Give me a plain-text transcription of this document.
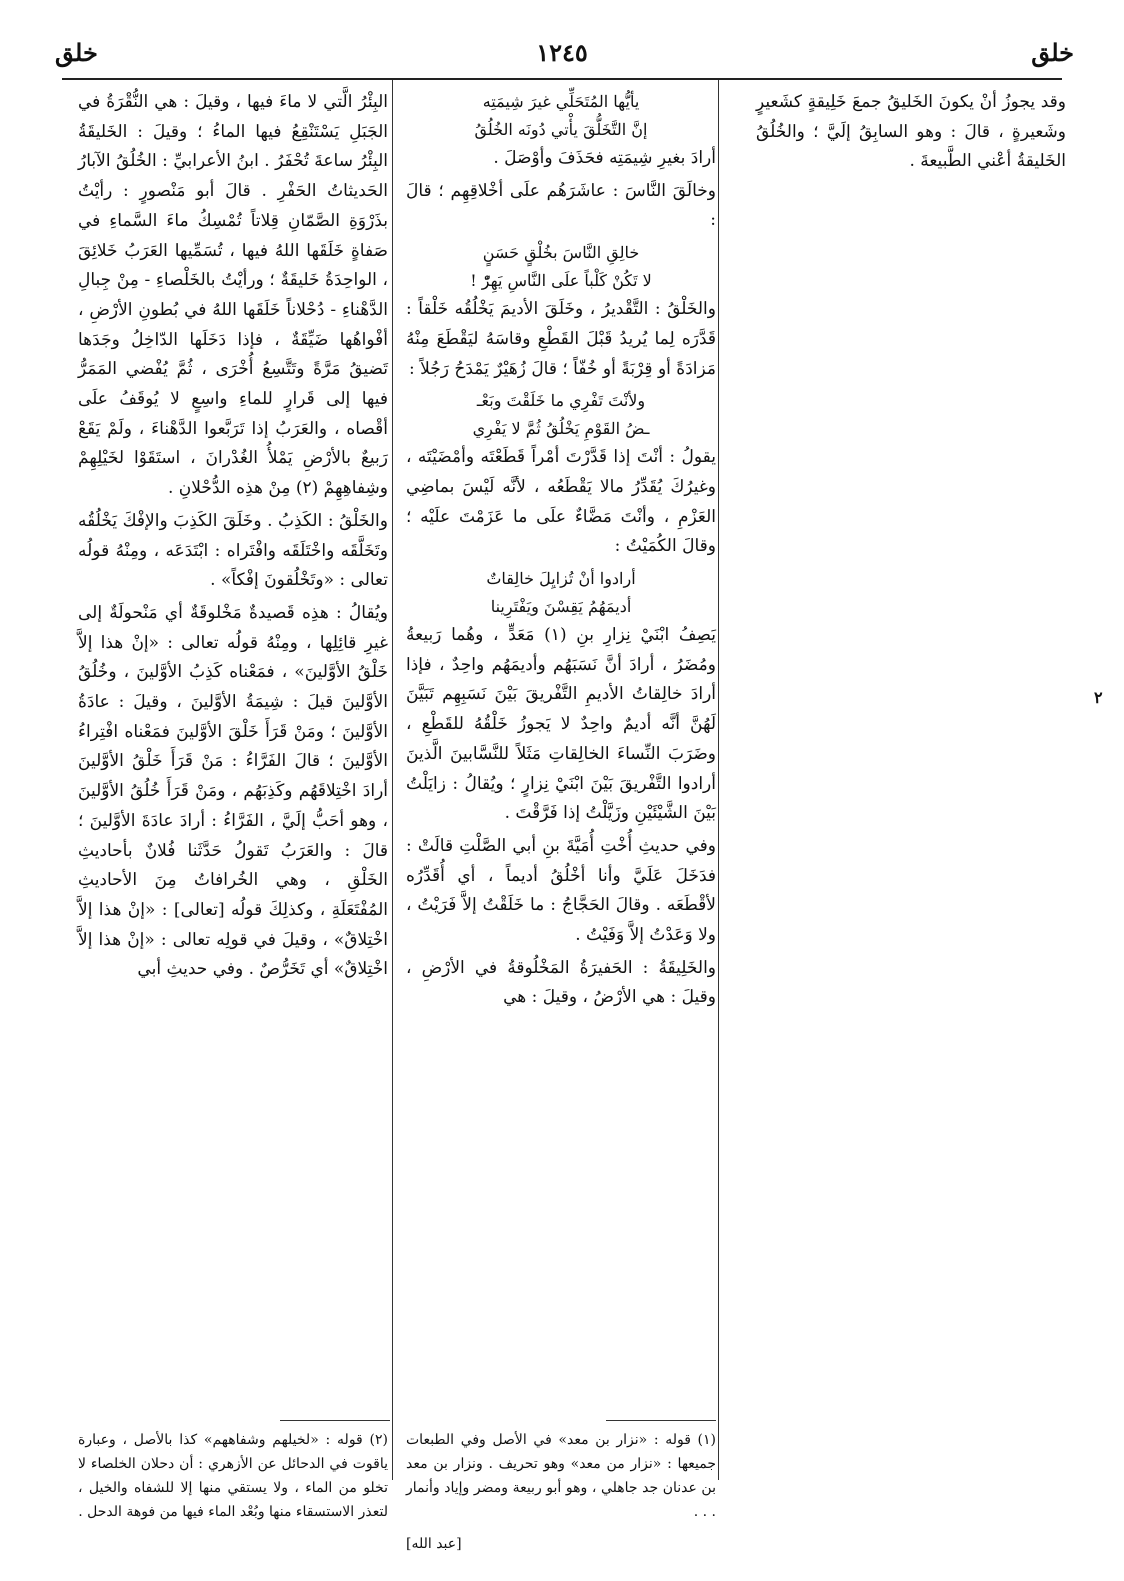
خلق
١٢٤٥
خلق

وقد يجوزُ أنْ يكونَ الخَليقُ جمعَ خَلِيقةٍ كشَعيرٍ وشَعيرةٍ ، قالَ : وهو السابِقُ إلَيَّ ؛ والخُلُقُ الخَليقةُ أعْني الطَّبيعةَ .

يأيُّها المُتَحَلِّي غيرَ شِيمَتِه

إنَّ التَّخَلُّقَ يأْتي دُونَه الخُلُقُ

أرادَ بغيرِ شِيمَتِه فحَذَفَ وأوْصَلَ .

وخالَقَ النَّاسَ : عاشَرَهُم علَى أخْلاقِهِم ؛ قالَ :

خالِقِ النَّاسَ بخُلْقٍ حَسَنٍ

لا تَكُنْ كَلْباً علَى النَّاسِ يَهِرّْ !

والخَلْقُ : التَّقْديرُ ، وخَلَقَ الأديمَ يَخْلُقُه خَلْقاً : قَدَّرَه لِما يُريدُ قَبْلَ القَطْعِ وقاسَهُ ليَقْطَعَ مِنْهُ مَزادَةً أو قِرْبَةً أو خُفّاً ؛ قالَ زُهَيْرٌ يَمْدَحُ رَجُلاً :

ولأنْتَ تَفْرِي ما خَلَقْتَ وبَعْـ

ـضُ القَوْمِ يَخْلُقُ ثُمَّ لا يَفْرِي

يقولُ : أنْتَ إذا قَدَّرْتَ أمْراً قَطَعْتَه وأمْضَيْتَه ، وغيرُكَ يُقَدِّرُ مالا يَقْطَعُه ، لأنَّه لَيْسَ بماضِي العَزْمِ ، وأنْتَ مَضَّاءٌ علَى ما عَزَمْتَ علَيْه ؛ وقالَ الكُمَيْتُ :

أرادوا أنْ تُزايِلَ خالِقاتٌ

أديمَهُمُ يَقِسْنَ ويَفْتَرِينا

يَصِفُ ابْنَيْ نِزارِ بنِ (١) مَعَدٍّ ، وهُما رَبيعةُ ومُضَرُ ، أرادَ أنَّ نَسَبَهُم وأديمَهُم واحِدٌ ، فإذا أرادَ خالِقاتُ الأديمِ التَّفْريقَ بَيْنَ نَسَبِهِم تَبَيَّنَ لَهُنَّ أنَّه أديمٌ واحِدٌ لا يَجوزُ خَلْقُهُ للقَطْعِ ، وضَرَبَ النِّساءَ الخالِقاتِ مَثَلاً للنَّسَّابينَ الَّذينَ أرادوا التَّفْريقَ بَيْنَ ابْنَيْ نِزارٍ ؛ ويُقالُ : زايَلْتُ بَيْنَ الشَّيْئَيْنِ وزَيَّلْتُ إذا فَرَّقْتَ .

وفي حديثِ أُخْتِ أُمَيَّةَ بنِ أبي الصَّلْتِ قالَتْ : فدَخَلَ عَلَيَّ وأنا أخْلُقُ أديماً ، أي أُقَدِّرُه لأقْطَعَه . وقالَ الحَجَّاجُ : ما خَلَقْتُ إلاَّ فَرَيْتُ ، ولا وَعَدْتُ إلاَّ وَفَيْتُ .

والخَلِيقَةُ : الحَفيرَةُ المَخْلُوقةُ في الأرْضِ ، وقيلَ : هي الأرْضُ ، وقيلَ : هي

البِئْرُ الَّتي لا ماءَ فيها ، وقيلَ : هي النُّقْرَةُ في الجَبَلِ يَسْتَنْقِعُ فيها الماءُ ؛ وقيلَ : الخَليقَةُ البِئْرُ ساعةَ تُحْفَرُ . ابنُ الأعرابيِّ : الخُلُقُ الآبارُ الحَديثاتُ الحَفْرِ . قالَ أبو مَنْصورٍ : رأيْتُ بذَرْوَةِ الصَّمّانِ قِلاتاً تُمْسِكُ ماءَ السَّماءِ في صَفاةٍ خَلَقَها اللهُ فيها ، تُسَمِّيها العَرَبُ خَلائِقَ ، الواحِدَةُ خَليقَةٌ ؛ ورأيْتُ بالخَلْصاءِ - مِنْ جِبالِ الدَّهْناءِ - دُحْلاناً خَلَقَها اللهُ في بُطونِ الأرْضِ ، أفْواهُها ضَيِّقَةٌ ، فإذا دَخَلَها الدّاخِلُ وجَدَها تَضيقُ مَرَّةً وتَتَّسِعُ أُخْرَى ، ثُمَّ يُفْضي المَمَرُّ فيها إلى قَرارٍ للماءِ واسِعٍ لا يُوقَفُ علَى أقْصاه ، والعَرَبُ إذا تَرَبَّعوا الدَّهْناءَ ، ولَمْ يَقَعْ رَبيعٌ بالأرْضِ يَمْلأُ الغُدْرانَ ، استَقَوْا لخَيْلِهِمْ وشِفاهِهِمْ (٢) مِنْ هذِه الدُّحْلانِ .

والخَلْقُ : الكَذِبُ . وخَلَقَ الكَذِبَ والإفْكَ يَخْلُقُه وتَخَلَّقَه واخْتَلَقَه وافْتَراه : ابْتَدَعَه ، ومِنْهُ قولُه تعالى : «وتَخْلُقونَ إفْكاً» .

ويُقالُ : هذِه قَصيدةٌ مَخْلوقَةٌ أي مَنْحولَةٌ إلى غيرِ قائِلِها ، ومِنْهُ قولُه تعالى : «إنْ هذا إلاَّ خَلْقُ الأوَّلينَ» ، فمَعْناه كَذِبُ الأوَّلينَ ، وخُلُقُ الأوَّلينَ قيلَ : شِيمَةُ الأوَّلينَ ، وقيلَ : عادَةُ الأوَّلينَ ؛ ومَنْ قَرَأَ خَلْقَ الأوَّلينَ فمَعْناه افْتِراءُ الأوَّلينَ ؛ قالَ الفَرَّاءُ : مَنْ قَرَأَ خَلْقُ الأوَّلينَ أرادَ اخْتِلاقَهُم وكَذِبَهُم ، ومَنْ قَرَأَ خُلُقُ الأوَّلينَ ، وهو أحَبُّ إلَيَّ ، الفَرَّاءُ : أرادَ عادَةَ الأوَّلينَ ؛ قالَ : والعَرَبُ تَقولُ حَدَّثَنا فُلانٌ بأحاديثِ الخَلْقِ ، وهي الخُرافاتُ مِنَ الأحاديثِ المُفْتَعَلَةِ ، وكذلِكَ قولُه [تعالى] : «إنْ هذا إلاَّ اخْتِلاقٌ» ، وقيلَ في قولِه تعالى : «إنْ هذا إلاَّ اخْتِلاقٌ» أي تَخَرُّصٌ . وفي حديثِ أبي

(١) قوله : «نزار بن معد» في الأصل وفي الطبعات جميعها : «نزار من معد» وهو تحريف . ونزار بن معد بن عدنان جد جاهلي ، وهو أبو ربيعة ومضر وإياد وأنمار . . .

[عبد الله]

(٢) قوله : «لخيلهم وشفاههم» كذا بالأصل ، وعبارة ياقوت في الدحائل عن الأزهري : أن دحلان الخلصاء لا تخلو من الماء ، ولا يستقي منها إلا للشفاه والخيل ، لتعذر الاستسقاء منها وبُعْد الماء فيها من فوهة الدحل .

٢
